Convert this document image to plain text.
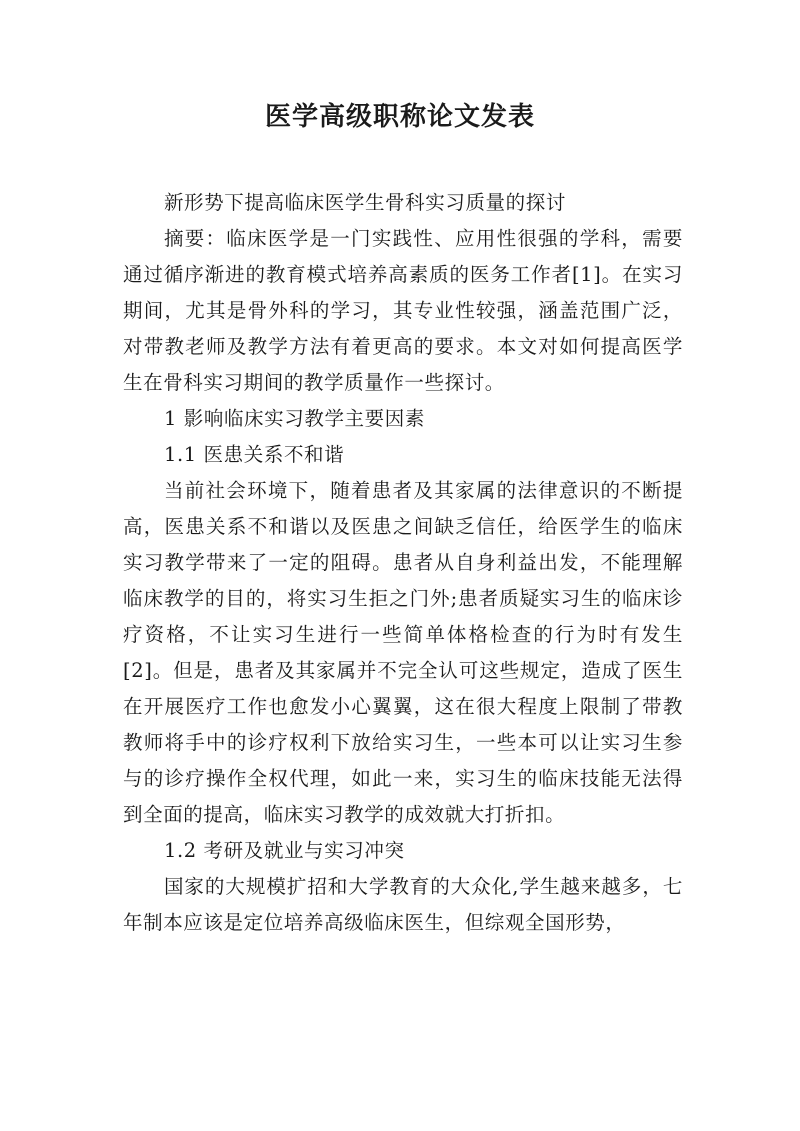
医学高级职称论文发表

新形势下提高临床医学生骨科实习质量的探讨

摘要：临床医学是一门实践性、应用性很强的学科，需要通过循序渐进的教育模式培养高素质的医务工作者[1]。在实习期间，尤其是骨外科的学习，其专业性较强，涵盖范围广泛，对带教老师及教学方法有着更高的要求。本文对如何提高医学生在骨科实习期间的教学质量作一些探讨。

1 影响临床实习教学主要因素

1.1 医患关系不和谐

当前社会环境下，随着患者及其家属的法律意识的不断提高，医患关系不和谐以及医患之间缺乏信任，给医学生的临床实习教学带来了一定的阻碍。患者从自身利益出发，不能理解临床教学的目的，将实习生拒之门外;患者质疑实习生的临床诊疗资格，不让实习生进行一些简单体格检查的行为时有发生[2]。但是，患者及其家属并不完全认可这些规定，造成了医生在开展医疗工作也愈发小心翼翼，这在很大程度上限制了带教教师将手中的诊疗权利下放给实习生，一些本可以让实习生参与的诊疗操作全权代理，如此一来，实习生的临床技能无法得到全面的提高，临床实习教学的成效就大打折扣。

1.2 考研及就业与实习冲突

国家的大规模扩招和大学教育的大众化,学生越来越多，七年制本应该是定位培养高级临床医生，但综观全国形势，
